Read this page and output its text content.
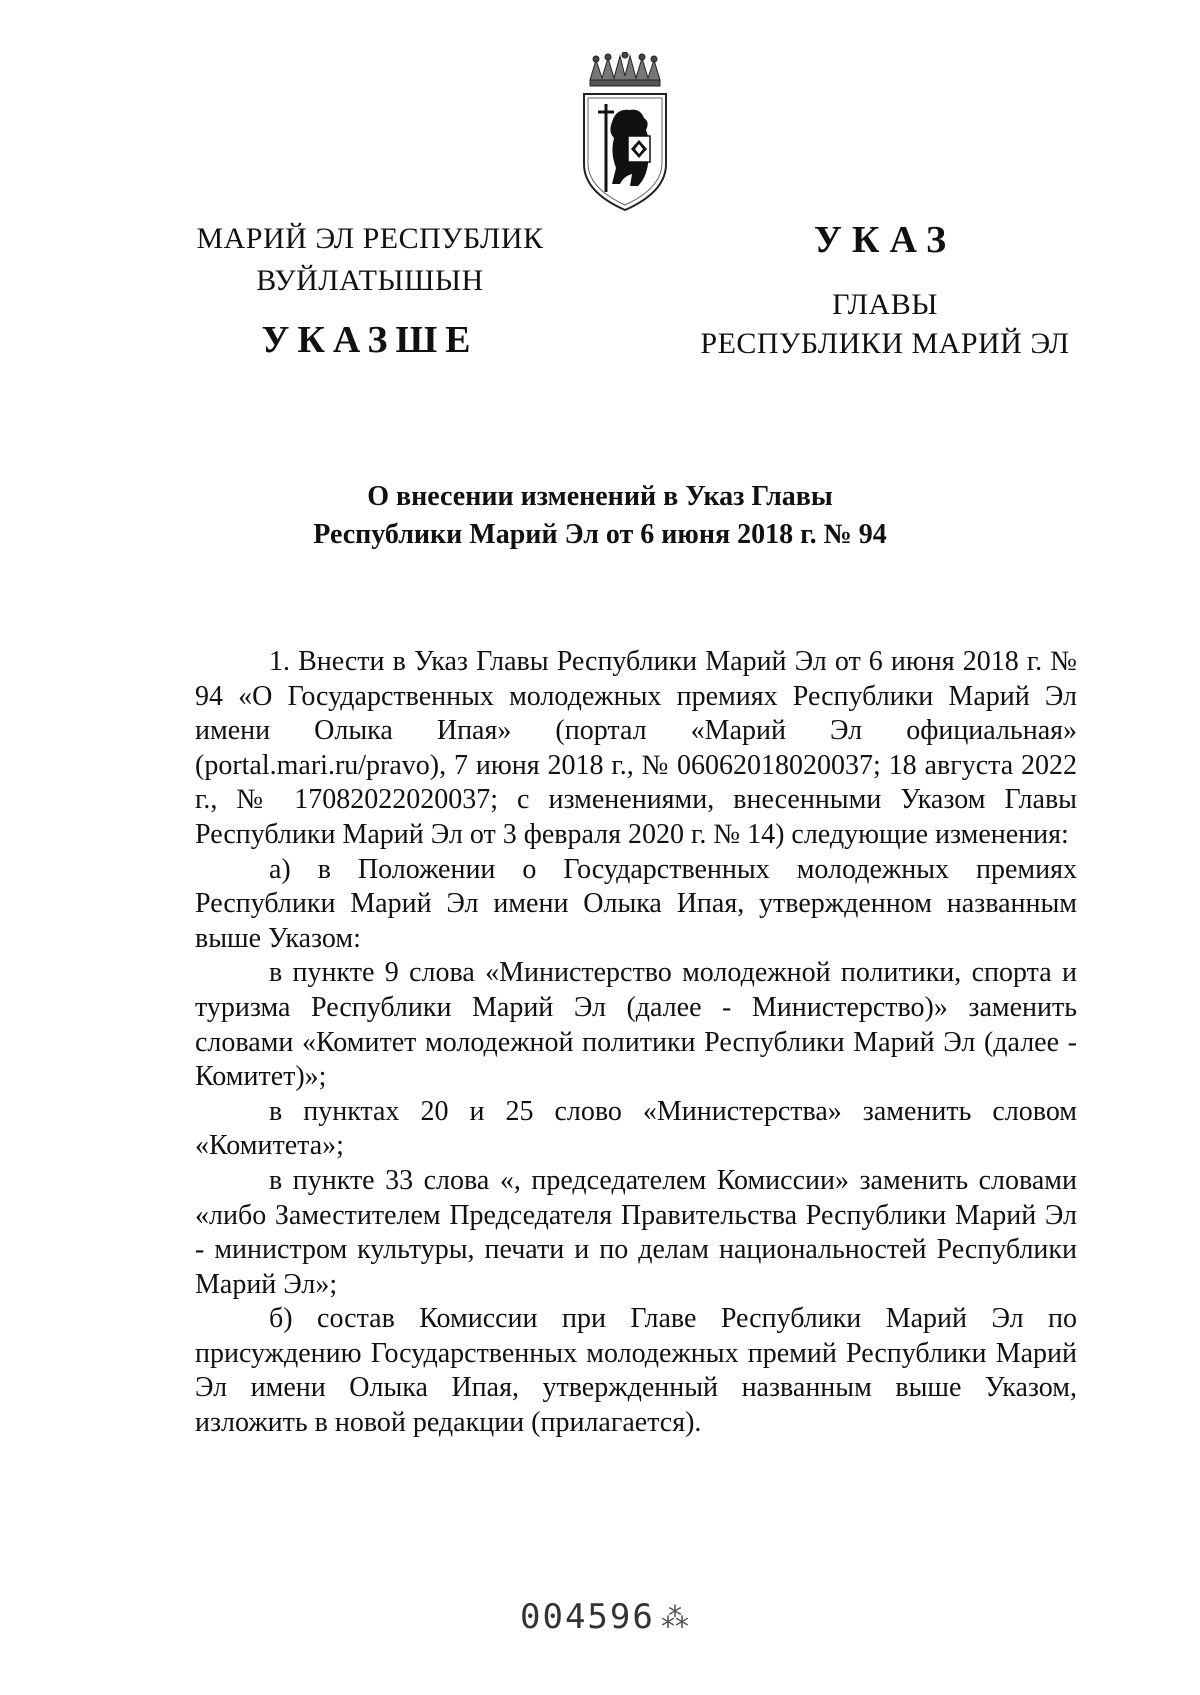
МАРИЙ ЭЛ РЕСПУБЛИК

ВУЙЛАТЫШЫН

УКАЗШЕ

УКАЗ

ГЛАВЫ

РЕСПУБЛИКИ МАРИЙ ЭЛ

О внесении изменений в Указ Главы
Республики Марий Эл от 6 июня 2018 г. № 94

1. Внести в Указ Главы Республики Марий Эл от 6 июня 2018 г. № 94 «О Государственных молодежных премиях Республики Марий Эл имени Олыка Ипая» (портал «Марий Эл официальная» (portal.mari.ru/pravo), 7 июня 2018 г., № 06062018020037; 18 августа 2022 г., № 17082022020037; с изменениями, внесенными Указом Главы Республики Марий Эл от 3 февраля 2020 г. № 14) следующие изменения:

а) в Положении о Государственных молодежных премиях Республики Марий Эл имени Олыка Ипая, утвержденном названным выше Указом:

в пункте 9 слова «Министерство молодежной политики, спорта и туризма Республики Марий Эл (далее - Министерство)» заменить словами «Комитет молодежной политики Республики Марий Эл (далее - Комитет)»;

в пунктах 20 и 25 слово «Министерства» заменить словом «Комитета»;

в пункте 33 слова «, председателем Комиссии» заменить словами «либо Заместителем Председателя Правительства Республики Марий Эл - министром культуры, печати и по делам национальностей Республики Марий Эл»;

б) состав Комиссии при Главе Республики Марий Эл по присуждению Государственных молодежных премий Республики Марий Эл имени Олыка Ипая, утвержденный названным выше Указом, изложить в новой редакции (прилагается).

004596 ⁂
